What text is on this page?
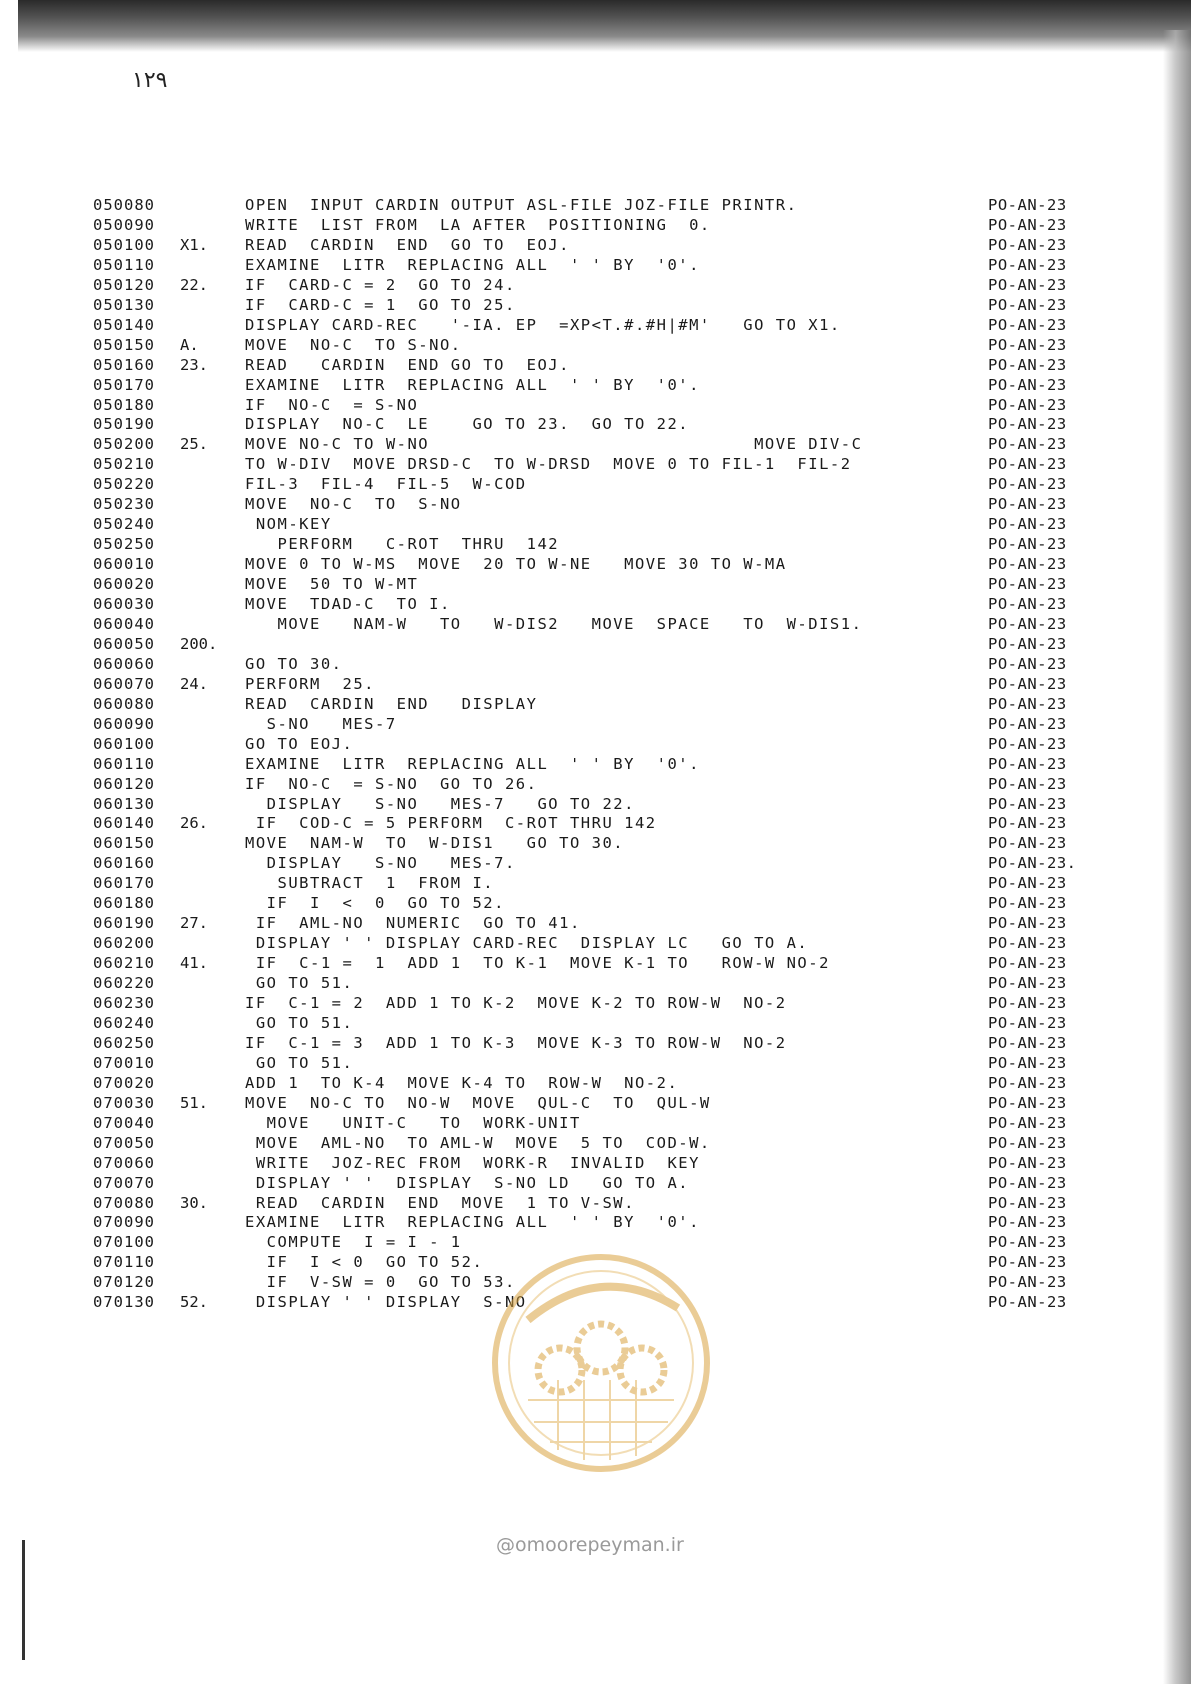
۱۲۹
050080	OPEN  INPUT CARDIN OUTPUT ASL-FILE JOZ-FILE PRINTR.	PO-AN-23
050090	WRITE  LIST FROM  LA AFTER  POSITIONING  0.	PO-AN-23
050100 X1. READ  CARDIN  END  GO TO  EOJ.	PO-AN-23
050110	EXAMINE  LITR  REPLACING ALL  ' ' BY  '0'.	PO-AN-23
050120 22. IF  CARD-C = 2  GO TO 24.	PO-AN-23
050130	IF  CARD-C = 1  GO TO 25.	PO-AN-23
050140	DISPLAY CARD-REC   '-IA. EP  =XP<T.#.#H|#M'   GO TO X1.	PO-AN-23
050150 A.	MOVE  NO-C  TO S-NO.	PO-AN-23
050160 23. READ   CARDIN  END GO TO  EOJ.	PO-AN-23
050170	EXAMINE  LITR  REPLACING ALL  ' ' BY  '0'.	PO-AN-23
050180	IF  NO-C  = S-NO	PO-AN-23
050190	DISPLAY  NO-C  LE    GO TO 23.  GO TO 22.	PO-AN-23
050200 25. MOVE NO-C TO W-NO                              MOVE DIV-C	PO-AN-23
050210	TO W-DIV  MOVE DRSD-C  TO W-DRSD  MOVE 0 TO FIL-1  FIL-2	PO-AN-23
050220	FIL-3  FIL-4  FIL-5  W-COD	PO-AN-23
050230	MOVE  NO-C  TO  S-NO	PO-AN-23
050240	NOM-KEY	PO-AN-23
050250	PERFORM   C-ROT  THRU  142	PO-AN-23
060010	MOVE 0 TO W-MS  MOVE  20 TO W-NE   MOVE 30 TO W-MA	PO-AN-23
060020	MOVE  50 TO W-MT	PO-AN-23
060030	MOVE  TDAD-C  TO I.	PO-AN-23
060040	MOVE   NAM-W   TO   W-DIS2   MOVE  SPACE   TO  W-DIS1.	PO-AN-23
060050 200.	PO-AN-23
060060	GO TO 30.	PO-AN-23
060070 24. PERFORM  25.	PO-AN-23
060080	READ  CARDIN  END   DISPLAY	PO-AN-23
060090	S-NO   MES-7	PO-AN-23
060100	GO TO EOJ.	PO-AN-23
060110	EXAMINE  LITR  REPLACING ALL  ' ' BY  '0'.	PO-AN-23
060120	IF  NO-C  = S-NO  GO TO 26.	PO-AN-23
060130	DISPLAY   S-NO   MES-7   GO TO 22.	PO-AN-23
060140 26. IF  COD-C = 5 PERFORM  C-ROT THRU 142	PO-AN-23
060150	MOVE  NAM-W  TO  W-DIS1   GO TO 30.	PO-AN-23
060160	DISPLAY   S-NO   MES-7.	PO-AN-23.
060170	SUBTRACT  1  FROM I.	PO-AN-23
060180	IF  I  <  0  GO TO 52.	PO-AN-23
060190 27. IF  AML-NO  NUMERIC  GO TO 41.	PO-AN-23
060200	DISPLAY ' ' DISPLAY CARD-REC  DISPLAY LC   GO TO A.	PO-AN-23
060210 41. IF  C-1 =  1  ADD 1  TO K-1  MOVE K-1 TO   ROW-W NO-2	PO-AN-23
060220	GO TO 51.	PO-AN-23
060230	IF  C-1 = 2  ADD 1 TO K-2  MOVE K-2 TO ROW-W  NO-2	PO-AN-23
060240	GO TO 51.	PO-AN-23
060250	IF  C-1 = 3  ADD 1 TO K-3  MOVE K-3 TO ROW-W  NO-2	PO-AN-23
070010	GO TO 51.	PO-AN-23
070020	ADD 1  TO K-4  MOVE K-4 TO  ROW-W  NO-2.	PO-AN-23
070030 51. MOVE  NO-C TO  NO-W  MOVE  QUL-C  TO  QUL-W	PO-AN-23
070040	MOVE   UNIT-C   TO  WORK-UNIT	PO-AN-23
070050	MOVE  AML-NO  TO AML-W  MOVE  5 TO  COD-W.	PO-AN-23
070060	WRITE  JOZ-REC FROM  WORK-R  INVALID  KEY	PO-AN-23
070070	DISPLAY ' '  DISPLAY  S-NO LD   GO TO A.	PO-AN-23
070080 30. READ  CARDIN  END  MOVE  1 TO V-SW.	PO-AN-23
070090	EXAMINE  LITR  REPLACING ALL  ' ' BY  '0'.	PO-AN-23
070100	COMPUTE  I = I - 1	PO-AN-23
070110	IF  I < 0  GO TO 52.	PO-AN-23
070120	IF  V-SW = 0  GO TO 53.	PO-AN-23
070130 52. DISPLAY ' ' DISPLAY  S-NO	PO-AN-23
@omoorepeyman.ir
